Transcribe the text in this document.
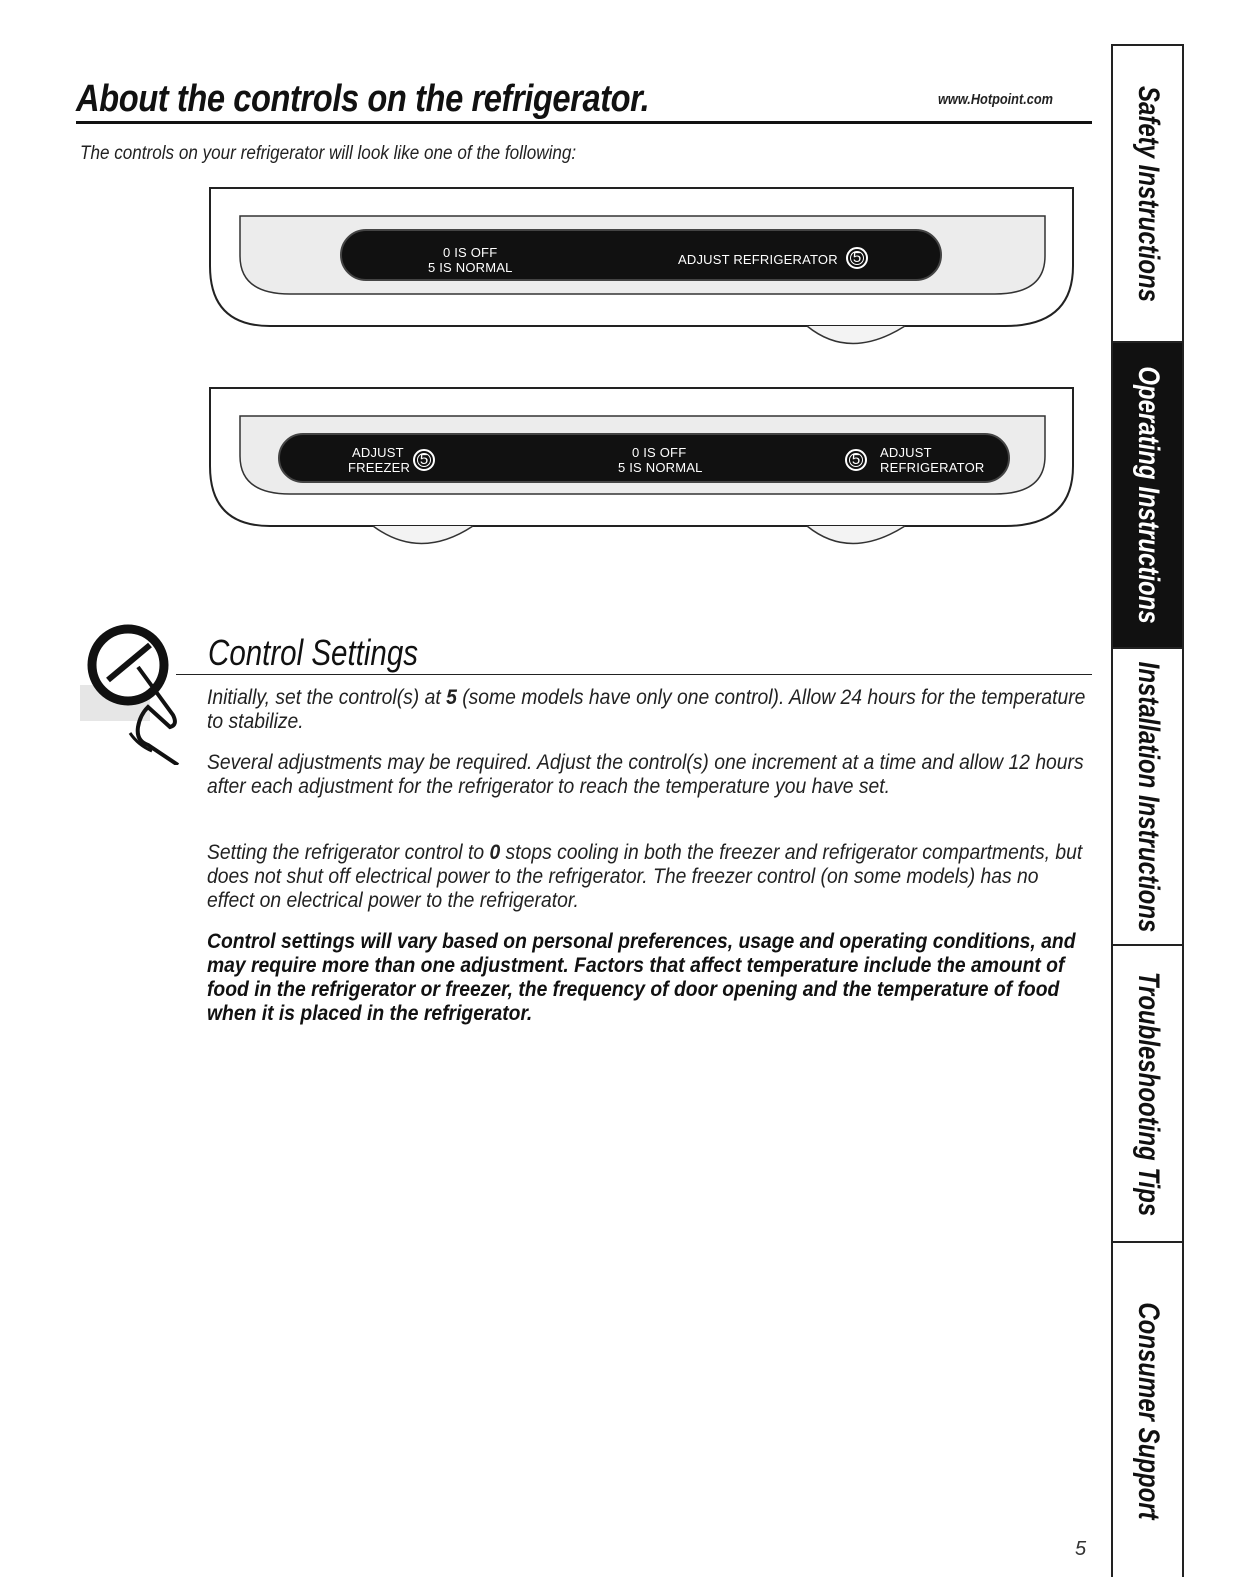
About the controls on the refrigerator.	www.Hotpoint.com
The controls on your refrigerator will look like one of the following:
0 IS OFF
5 IS NORMAL
ADJUST REFRIGERATOR	5
ADJUST
FREEZER 5	0 IS OFF
5 IS NORMAL	5	ADJUST
REFRIGERATOR
Control Settings
Initially, set the control(s) at 5 (some models have only one control). Allow 24 hours for the temperature to stabilize.
Several adjustments may be required. Adjust the control(s) one increment at a time and allow 12 hours after each adjustment for the refrigerator to reach the temperature you have set.
Setting the refrigerator control to 0 stops cooling in both the freezer and refrigerator compartments, but does not shut off electrical power to the refrigerator. The freezer control (on some models) has no effect on electrical power to the refrigerator.
Control settings will vary based on personal preferences, usage and operating conditions, and may require more than one adjustment. Factors that affect temperature include the amount of food in the refrigerator or freezer, the frequency of door opening and the temperature of food when it is placed in the refrigerator.
5
Safety Instructions
Operating Instructions
Installation Instructions
Troubleshooting Tips
Consumer Support
